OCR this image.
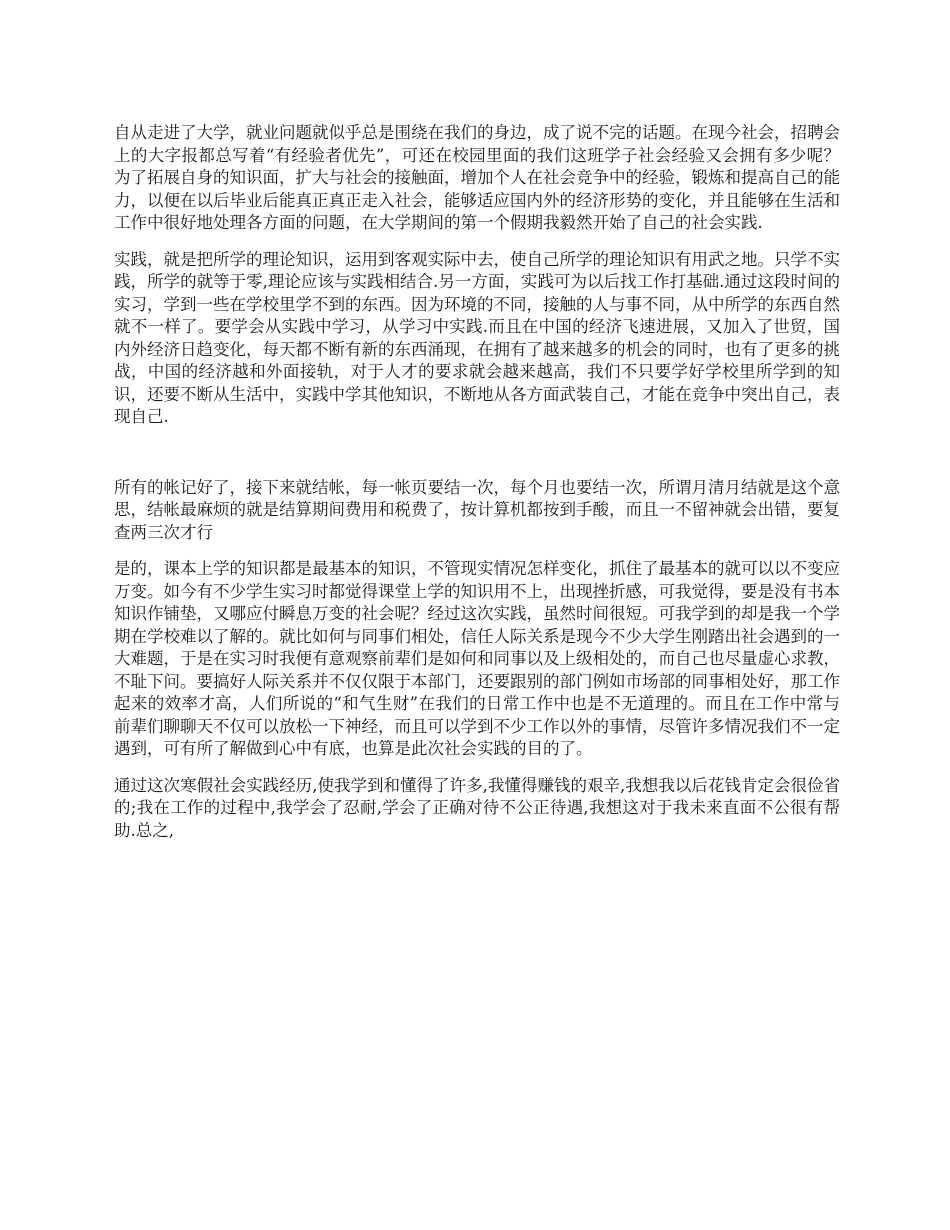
自从走进了大学，就业问题就似乎总是围绕在我们的身边，成了说不完的话题。在现今社会，招聘会上的大字报都总写着“有经验者优先”，可还在校园里面的我们这班学子社会经验又会拥有多少呢？为了拓展自身的知识面，扩大与社会的接触面，增加个人在社会竞争中的经验，锻炼和提高自己的能力，以便在以后毕业后能真正真正走入社会，能够适应国内外的经济形势的变化，并且能够在生活和工作中很好地处理各方面的问题，在大学期间的第一个假期我毅然开始了自己的社会实践.

实践，就是把所学的理论知识，运用到客观实际中去，使自己所学的理论知识有用武之地。只学不实践，所学的就等于零,理论应该与实践相结合.另一方面，实践可为以后找工作打基础.通过这段时间的实习，学到一些在学校里学不到的东西。因为环境的不同，接触的人与事不同，从中所学的东西自然就不一样了。要学会从实践中学习，从学习中实践.而且在中国的经济飞速进展，又加入了世贸，国内外经济日趋变化，每天都不断有新的东西涌现，在拥有了越来越多的机会的同时，也有了更多的挑战，中国的经济越和外面接轨，对于人才的要求就会越来越高，我们不只要学好学校里所学到的知识，还要不断从生活中，实践中学其他知识，不断地从各方面武装自己，才能在竞争中突出自己，表现自己.

所有的帐记好了，接下来就结帐，每一帐页要结一次，每个月也要结一次，所谓月清月结就是这个意思，结帐最麻烦的就是结算期间费用和税费了，按计算机都按到手酸，而且一不留神就会出错，要复查两三次才行

是的，课本上学的知识都是最基本的知识，不管现实情况怎样变化，抓住了最基本的就可以以不变应万变。如今有不少学生实习时都觉得课堂上学的知识用不上，出现挫折感，可我觉得，要是没有书本知识作铺垫，又哪应付瞬息万变的社会呢？经过这次实践，虽然时间很短。可我学到的却是我一个学期在学校难以了解的。就比如何与同事们相处，信任人际关系是现今不少大学生刚踏出社会遇到的一大难题，于是在实习时我便有意观察前辈们是如何和同事以及上级相处的，而自己也尽量虚心求教，不耻下问。要搞好人际关系并不仅仅限于本部门，还要跟别的部门例如市场部的同事相处好，那工作起来的效率才高，人们所说的“和气生财”在我们的日常工作中也是不无道理的。而且在工作中常与前辈们聊聊天不仅可以放松一下神经，而且可以学到不少工作以外的事情，尽管许多情况我们不一定遇到，可有所了解做到心中有底，也算是此次社会实践的目的了。

通过这次寒假社会实践经历,使我学到和懂得了许多,我懂得赚钱的艰辛,我想我以后花钱肯定会很俭省的;我在工作的过程中,我学会了忍耐,学会了正确对待不公正待遇,我想这对于我未来直面不公很有帮助.总之,
